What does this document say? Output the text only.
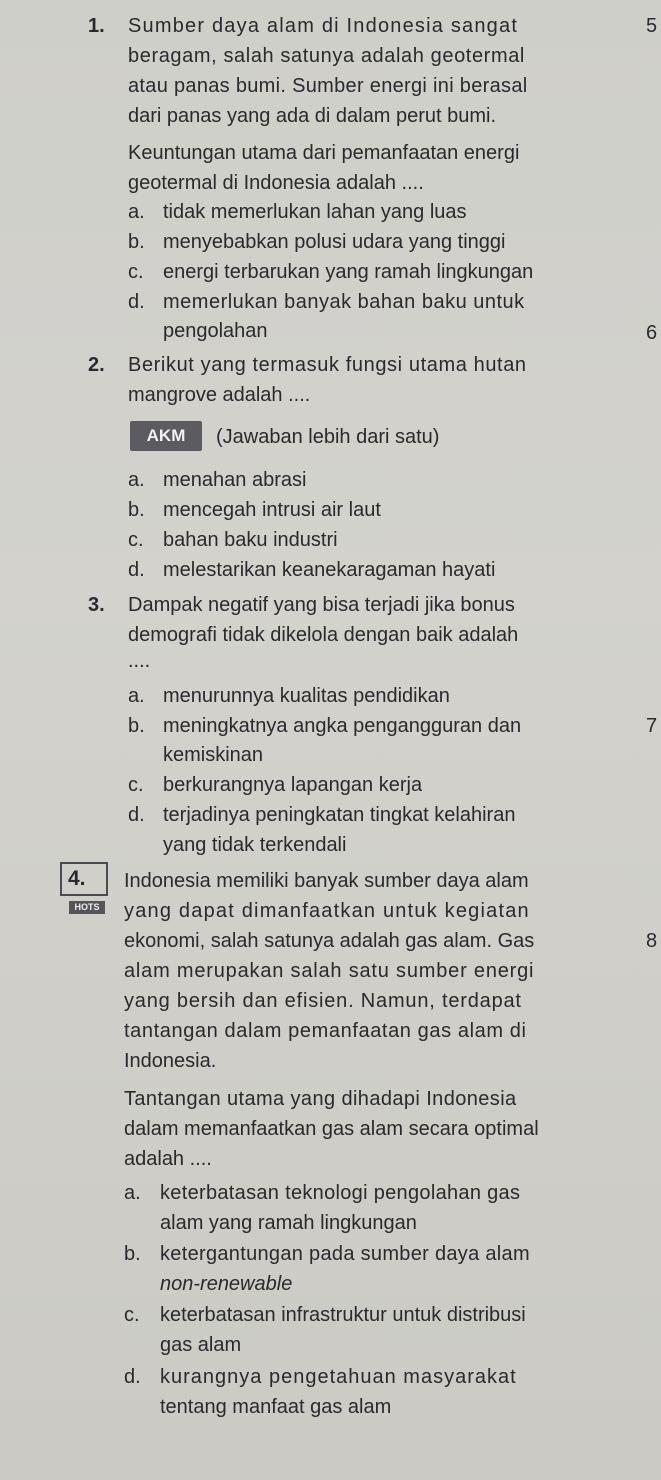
1. Sumber daya alam di Indonesia sangat
beragam, salah satunya adalah geotermal
atau panas bumi. Sumber energi ini berasal
dari panas yang ada di dalam perut bumi.
Keuntungan utama dari pemanfaatan energi
geotermal di Indonesia adalah ....
a. tidak memerlukan lahan yang luas
b. menyebabkan polusi udara yang tinggi
c. energi terbarukan yang ramah lingkungan
d. memerlukan banyak bahan baku untuk
pengolahan
2. Berikut yang termasuk fungsi utama hutan
mangrove adalah ....
AKM	(Jawaban lebih dari satu)
a. menahan abrasi
b. mencegah intrusi air laut
c. bahan baku industri
d. melestarikan keanekaragaman hayati
3. Dampak negatif yang bisa terjadi jika bonus
demografi tidak dikelola dengan baik adalah
....
a. menurunnya kualitas pendidikan
b. meningkatnya angka pengangguran dan
kemiskinan
c. berkurangnya lapangan kerja
d. terjadinya peningkatan tingkat kelahiran
yang tidak terkendali
4.
HOTS
Indonesia memiliki banyak sumber daya alam
yang dapat dimanfaatkan untuk kegiatan
ekonomi, salah satunya adalah gas alam. Gas
alam merupakan salah satu sumber energi
yang bersih dan efisien. Namun, terdapat
tantangan dalam pemanfaatan gas alam di
Indonesia.
Tantangan utama yang dihadapi Indonesia
dalam memanfaatkan gas alam secara optimal
adalah ....
a. keterbatasan teknologi pengolahan gas
alam yang ramah lingkungan
b. ketergantungan pada sumber daya alam
non-renewable
c. keterbatasan infrastruktur untuk distribusi
gas alam
d. kurangnya pengetahuan masyarakat
tentang manfaat gas alam
5
6
7
8
